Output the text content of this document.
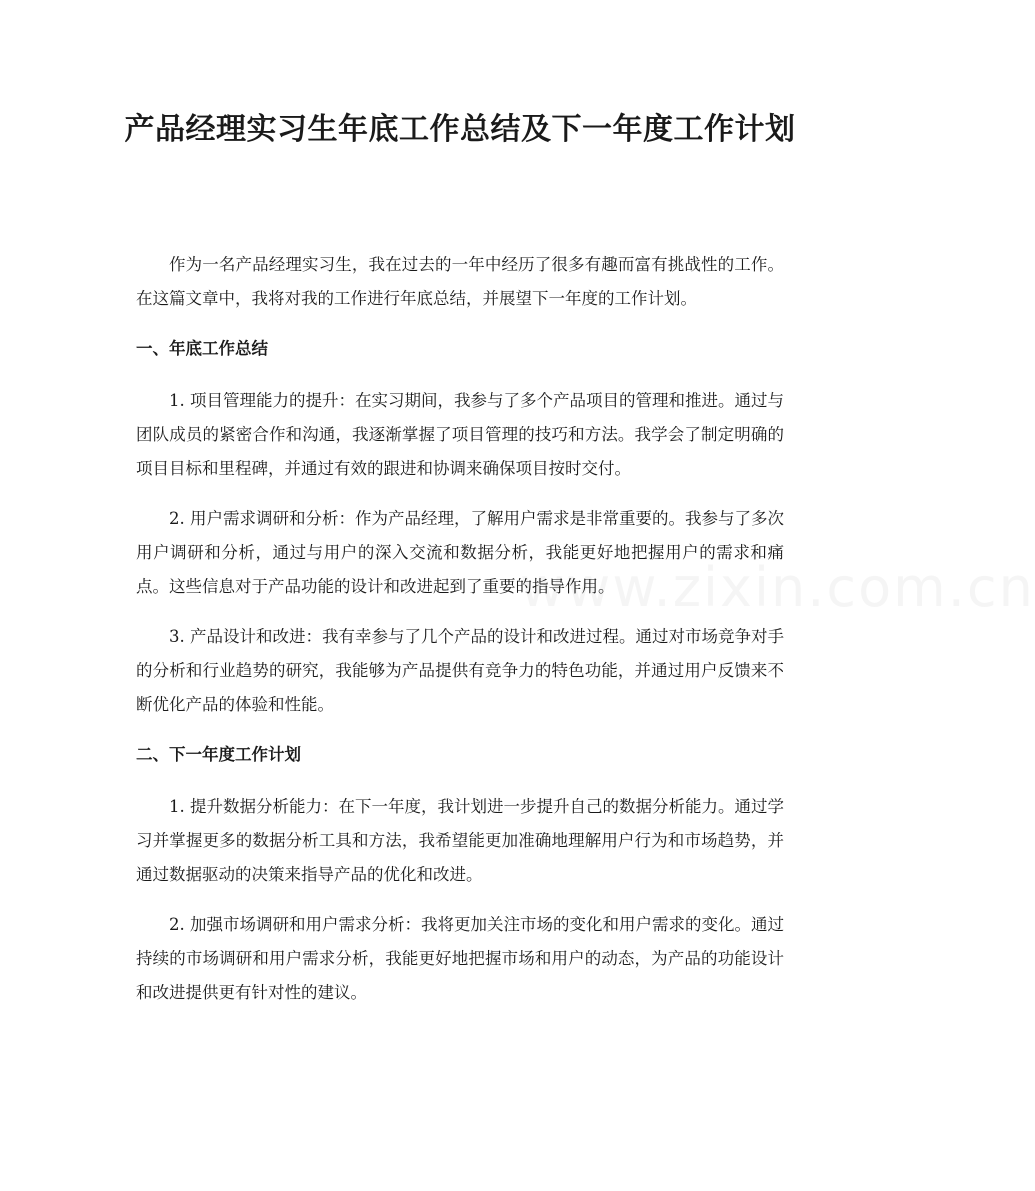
产品经理实习生年底工作总结及下一年度工作计划
www.zixin.com.cn

作为一名产品经理实习生，我在过去的一年中经历了很多有趣而富有挑战性的工作。在这篇文章中，我将对我的工作进行年底总结，并展望下一年度的工作计划。

一、年底工作总结

1. 项目管理能力的提升：在实习期间，我参与了多个产品项目的管理和推进。通过与团队成员的紧密合作和沟通，我逐渐掌握了项目管理的技巧和方法。我学会了制定明确的项目目标和里程碑，并通过有效的跟进和协调来确保项目按时交付。

2. 用户需求调研和分析：作为产品经理，了解用户需求是非常重要的。我参与了多次用户调研和分析，通过与用户的深入交流和数据分析，我能更好地把握用户的需求和痛点。这些信息对于产品功能的设计和改进起到了重要的指导作用。

3. 产品设计和改进：我有幸参与了几个产品的设计和改进过程。通过对市场竞争对手的分析和行业趋势的研究，我能够为产品提供有竞争力的特色功能，并通过用户反馈来不断优化产品的体验和性能。

二、下一年度工作计划

1. 提升数据分析能力：在下一年度，我计划进一步提升自己的数据分析能力。通过学习并掌握更多的数据分析工具和方法，我希望能更加准确地理解用户行为和市场趋势，并通过数据驱动的决策来指导产品的优化和改进。

2. 加强市场调研和用户需求分析：我将更加关注市场的变化和用户需求的变化。通过持续的市场调研和用户需求分析，我能更好地把握市场和用户的动态，为产品的功能设计和改进提供更有针对性的建议。
